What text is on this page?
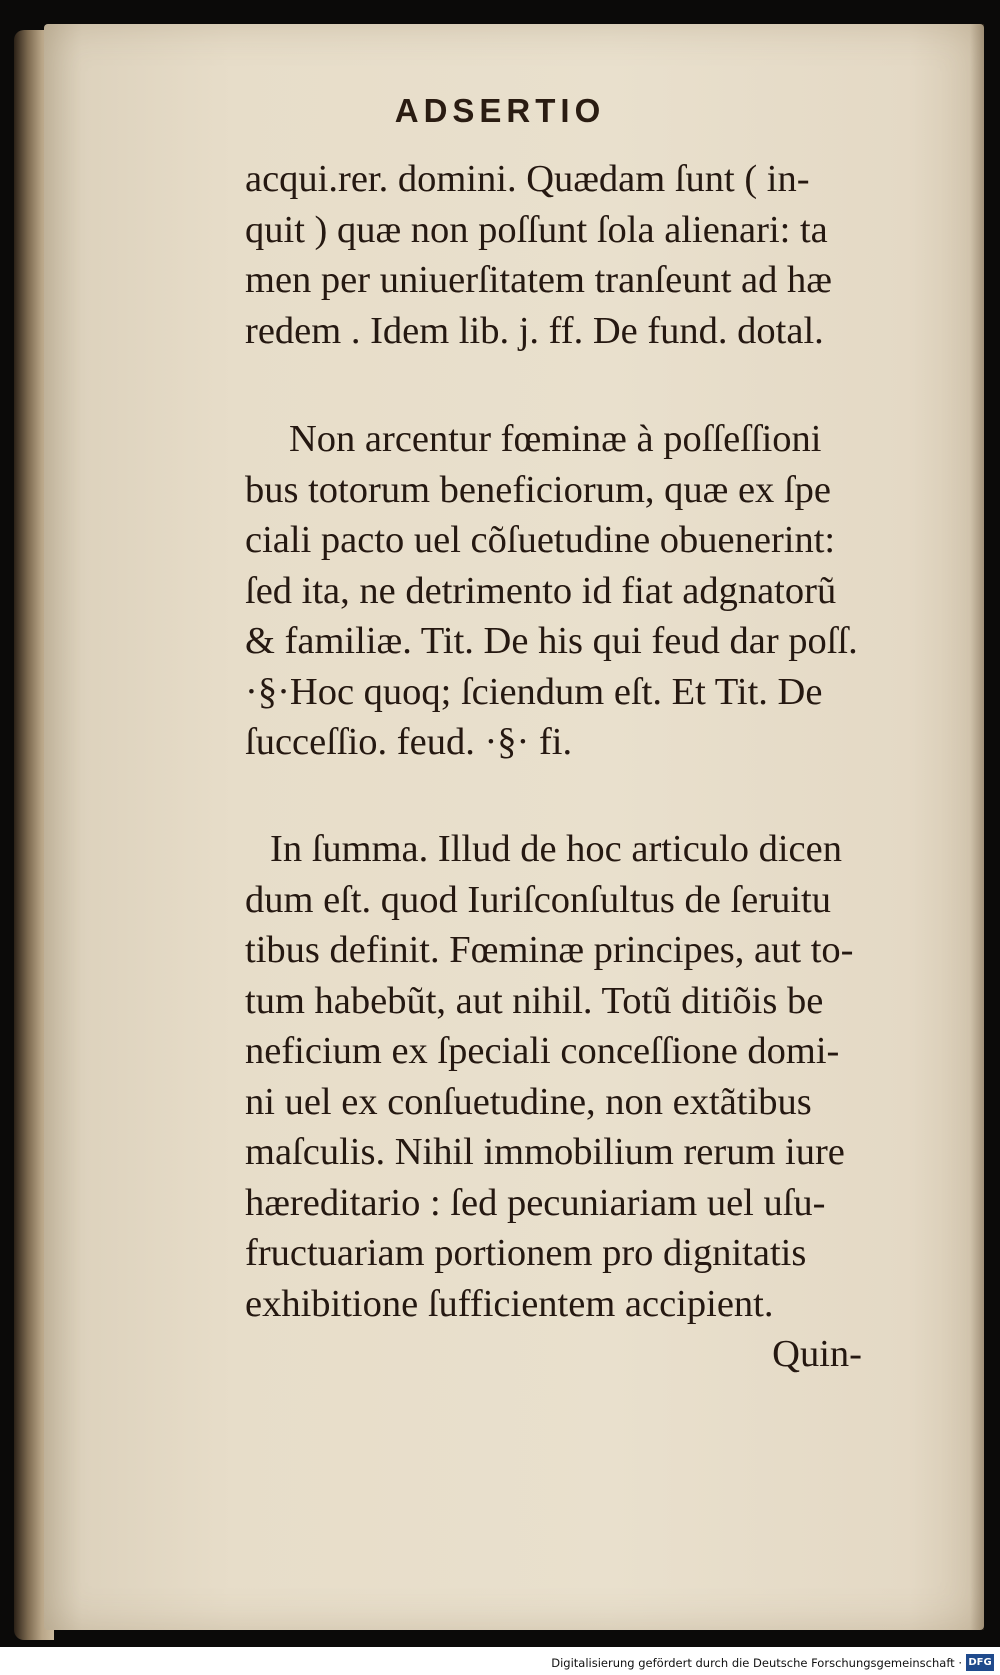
ADSERTIO
acqui.rer. domini. Quædam ſunt ( in-
quit ) quæ non poſſunt ſola alienari: ta
men per uniuerſitatem tranſeunt ad hæ
redem . Idem lib. j. ff. De fund. dotal.
Non arcentur fœminæ à poſſeſſioni
bus totorum beneficiorum, quæ ex ſpe
ciali pacto uel cõſuetudine obuenerint:
ſed ita, ne detrimento id fiat adgnatorũ
& familiæ. Tit. De his qui feud dar poſſ.
·§·Hoc quoq; ſciendum eſt. Et Tit. De
ſucceſſio. feud. ·§· fi.
In ſumma. Illud de hoc articulo dicen
dum eſt. quod Iuriſconſultus de ſeruitu
tibus definit. Fœminæ principes, aut to-
tum habebũt, aut nihil. Totũ ditiõis be
neficium ex ſpeciali conceſſione domi-
ni uel ex conſuetudine, non extãtibus
maſculis. Nihil immobilium rerum iure
hæreditario : ſed pecuniariam uel uſu-
fructuariam portionem pro dignitatis
exhibitione ſufficientem accipient.
Quin-
Digitalisierung gefördert durch die Deutsche Forschungsgemeinschaft · DFG
